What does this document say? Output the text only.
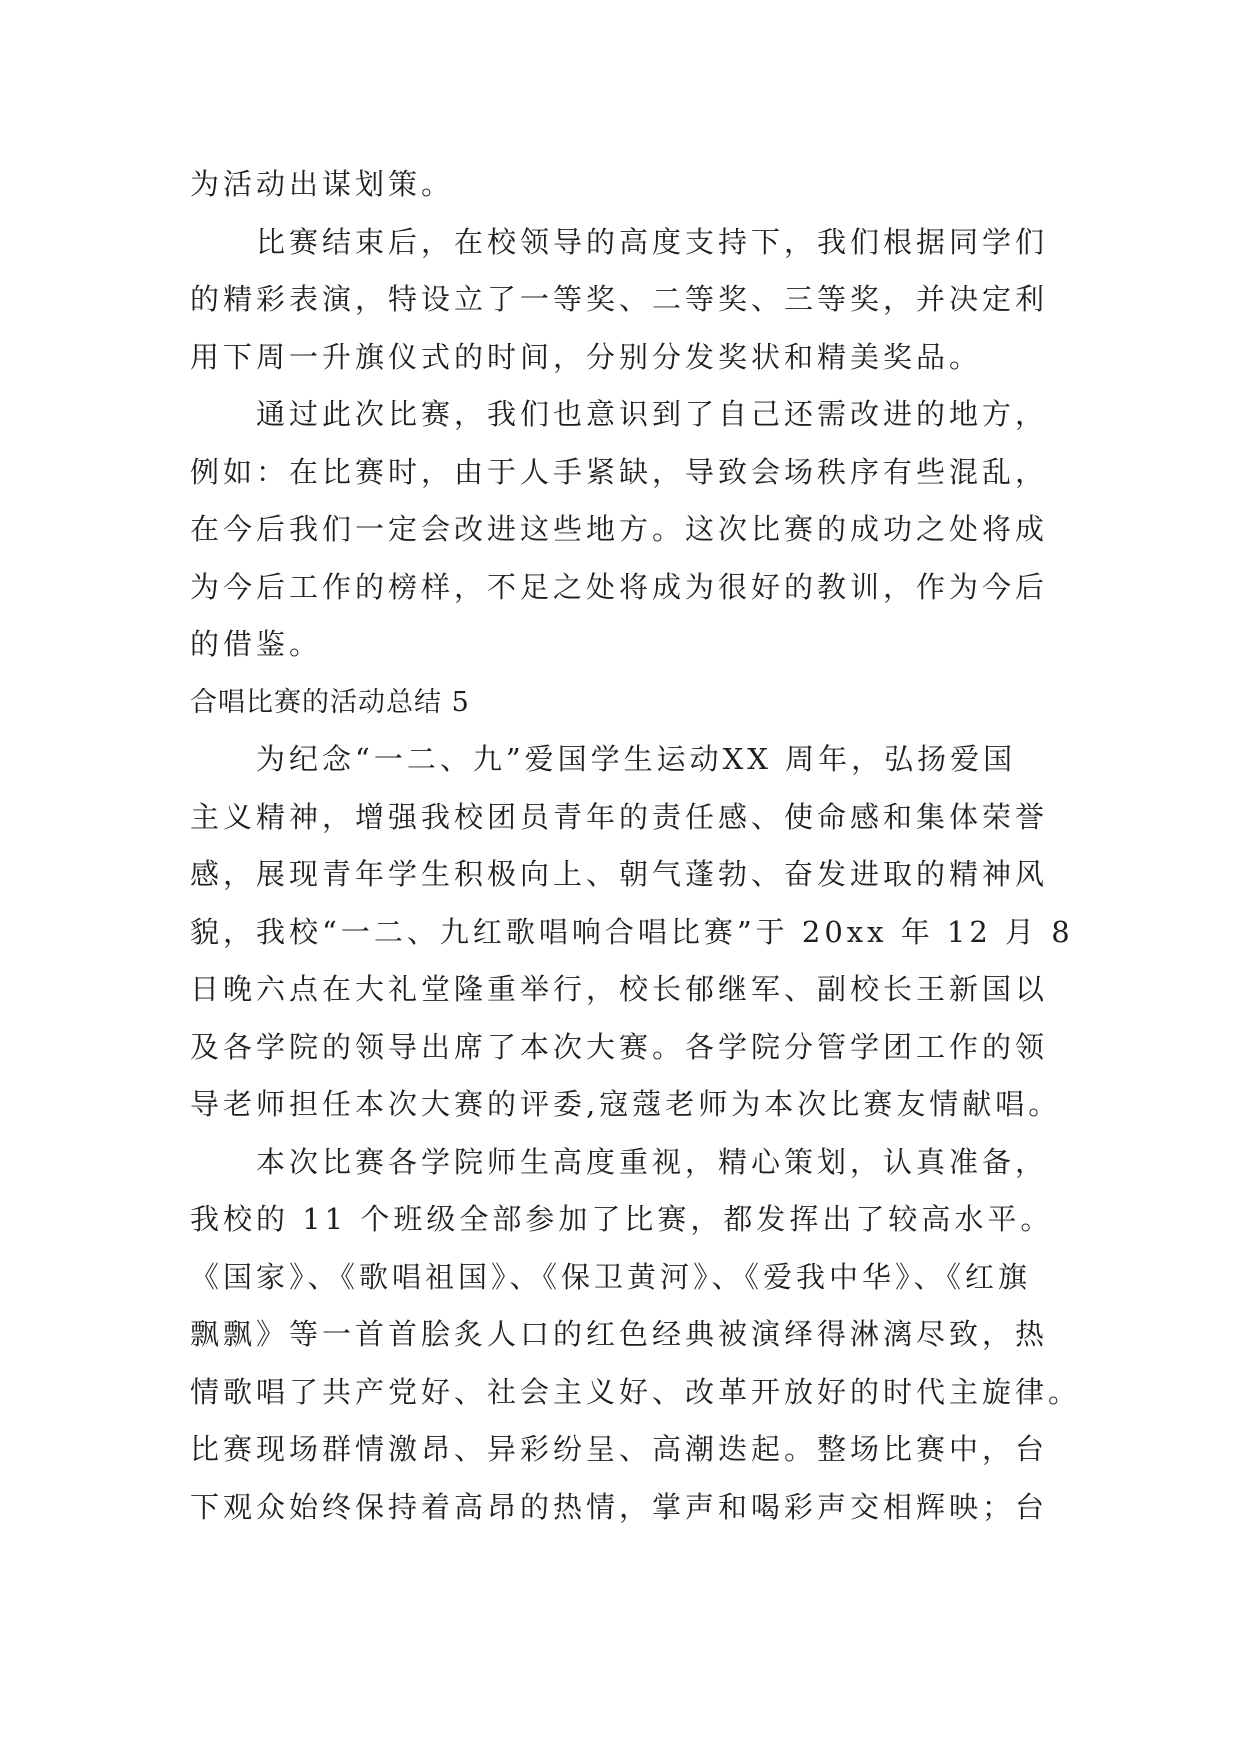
为活动出谋划策。
比赛结束后，在校领导的高度支持下，我们根据同学们
的精彩表演，特设立了一等奖、二等奖、三等奖，并决定利
用下周一升旗仪式的时间，分别分发奖状和精美奖品。
通过此次比赛，我们也意识到了自己还需改进的地方，
例如：在比赛时，由于人手紧缺，导致会场秩序有些混乱，
在今后我们一定会改进这些地方。这次比赛的成功之处将成
为今后工作的榜样，不足之处将成为很好的教训，作为今后
的借鉴。
合唱比赛的活动总结 5
为纪念“一二、九”爱国学生运动XX 周年，弘扬爱国
主义精神，增强我校团员青年的责任感、使命感和集体荣誉
感，展现青年学生积极向上、朝气蓬勃、奋发进取的精神风
貌，我校“一二、九红歌唱响合唱比赛”于 20xx 年 12 月 8
日晚六点在大礼堂隆重举行，校长郁继军、副校长王新国以
及各学院的领导出席了本次大赛。各学院分管学团工作的领
导老师担任本次大赛的评委,寇蔻老师为本次比赛友情献唱。
本次比赛各学院师生高度重视，精心策划，认真准备，
我校的 11 个班级全部参加了比赛，都发挥出了较高水平。
《国家》、《歌唱祖国》、《保卫黄河》、《爱我中华》、《红旗
飘飘》等一首首脍炙人口的红色经典被演绎得淋漓尽致，热
情歌唱了共产党好、社会主义好、改革开放好的时代主旋律。
比赛现场群情激昂、异彩纷呈、高潮迭起。整场比赛中，台
下观众始终保持着高昂的热情，掌声和喝彩声交相辉映；台
